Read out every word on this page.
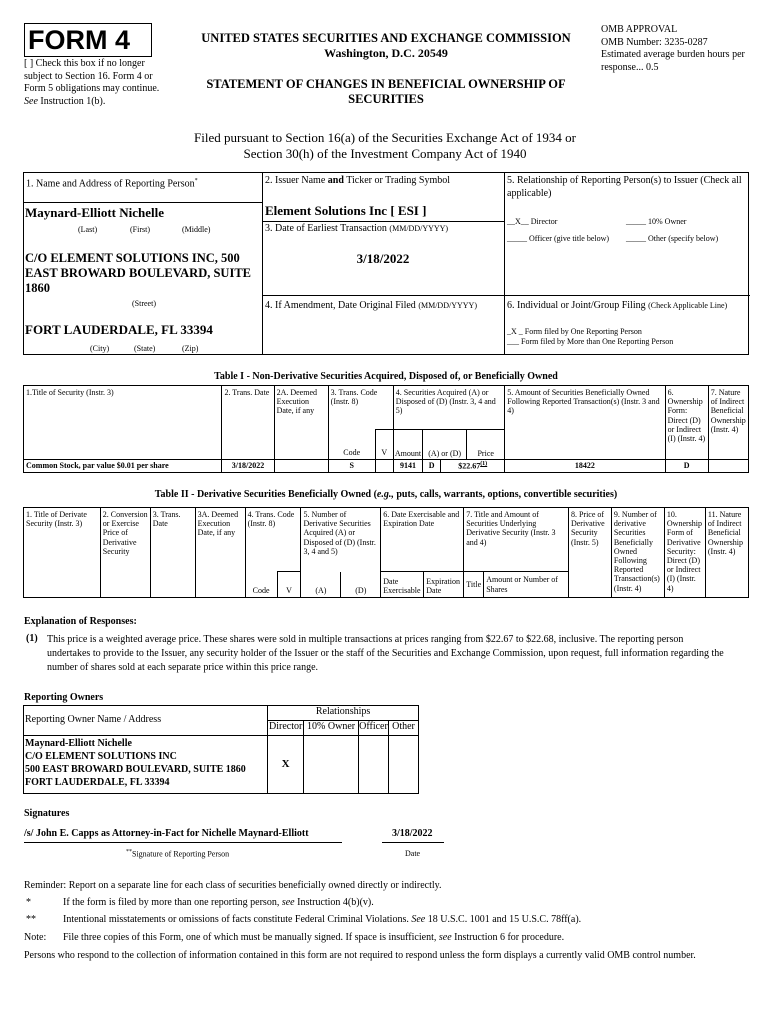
FORM 4
[ ] Check this box if no longer subject to Section 16. Form 4 or Form 5 obligations may continue. See Instruction 1(b).
UNITED STATES SECURITIES AND EXCHANGE COMMISSION
Washington, D.C. 20549
STATEMENT OF CHANGES IN BENEFICIAL OWNERSHIP OF SECURITIES
OMB APPROVAL
OMB Number: 3235-0287
Estimated average burden hours per response... 0.5
Filed pursuant to Section 16(a) of the Securities Exchange Act of 1934 or Section 30(h) of the Investment Company Act of 1940
1. Name and Address of Reporting Person*
Maynard-Elliott Nichelle
(Last)	(First)	(Middle)
C/O ELEMENT SOLUTIONS INC, 500 EAST BROWARD BOULEVARD, SUITE 1860
(Street)
FORT LAUDERDALE, FL 33394
(City)	(State)	(Zip)
2. Issuer Name and Ticker or Trading Symbol
Element Solutions Inc [ ESI ]
3. Date of Earliest Transaction (MM/DD/YYYY)
3/18/2022
4. If Amendment, Date Original Filed (MM/DD/YYYY)
5. Relationship of Reporting Person(s) to Issuer (Check all applicable)
__X__ Director	_____ 10% Owner
_____ Officer (give title below) _____ Other (specify below)
6. Individual or Joint/Group Filing (Check Applicable Line)
_X _ Form filed by One Reporting Person
___ Form filed by More than One Reporting Person
Table I - Non-Derivative Securities Acquired, Disposed of, or Beneficially Owned
1.Title of Security (Instr. 3)	2. Trans. Date	2A. Deemed Execution Date, if any	3. Trans. Code (Instr. 8)		4. Securities Acquired (A) or Disposed of (D) (Instr. 3, 4 and 5)				5. Amount of Securities Beneficially Owned Following Reported Transaction(s) (Instr. 3 and 4)	6. Ownership Form: Direct (D) or Indirect (I) (Instr. 4)	7. Nature of Indirect Beneficial Ownership (Instr. 4)
			Code	V	Amount	(A) or (D)		Price			
Common Stock, par value $0.01 per share	3/18/2022		S		9141	D	$22.67$^{(1)}$		18422	D	
Table II - Derivative Securities Beneficially Owned (e.g., puts, calls, warrants, options, convertible securities)
1. Title of Derivate Security (Instr. 3)	2. Conversion or Exercise Price of Derivative Security	3. Trans. Date	3A. Deemed Execution Date, if any	4. Trans. Code (Instr. 8)		5. Number of Derivative Securities Acquired (A) or Disposed of (D) (Instr. 3, 4 and 5)		6. Date Exercisable and Expiration Date		7. Title and Amount of Securities Underlying Derivative Security (Instr. 3 and 4)		8. Price of Derivative Security (Instr. 5)	9. Number of derivative Securities Beneficially Owned Following Reported Transaction(s) (Instr. 4)	10. Ownership Form of Derivative Security: Direct (D) or Indirect (I) (Instr. 4)	11. Nature of Indirect Beneficial Ownership (Instr. 4)
				Code	V	(A)	(D)	Date Exercisable	Expiration Date	Title	Amount or Number of Shares				
Explanation of Responses:
(1) This price is a weighted average price. These shares were sold in multiple transactions at prices ranging from $22.67 to $22.68, inclusive. The reporting person undertakes to provide to the Issuer, any security holder of the Issuer or the staff of the Securities and Exchange Commission, upon request, full information regarding the number of shares sold at each separate price within this price range.
Reporting Owners
Reporting Owner Name / Address	Relationships			
	Director	10% Owner	Officer	Other

Maynard-Elliott Nichelle
C/O ELEMENT SOLUTIONS INC
500 EAST BROWARD BOULEVARD, SUITE 1860
FORT LAUDERDALE, FL 33394	X			
Signatures
/s/ John E. Capps as Attorney-in-Fact for Nichelle Maynard-Elliott	3/18/2022
**Signature of Reporting Person	Date
Reminder: Report on a separate line for each class of securities beneficially owned directly or indirectly.
*	If the form is filed by more than one reporting person, see Instruction 4(b)(v).
**	Intentional misstatements or omissions of facts constitute Federal Criminal Violations. See 18 U.S.C. 1001 and 15 U.S.C. 78ff(a).
Note: File three copies of this Form, one of which must be manually signed. If space is insufficient, see Instruction 6 for procedure.
Persons who respond to the collection of information contained in this form are not required to respond unless the form displays a currently valid OMB control number.
